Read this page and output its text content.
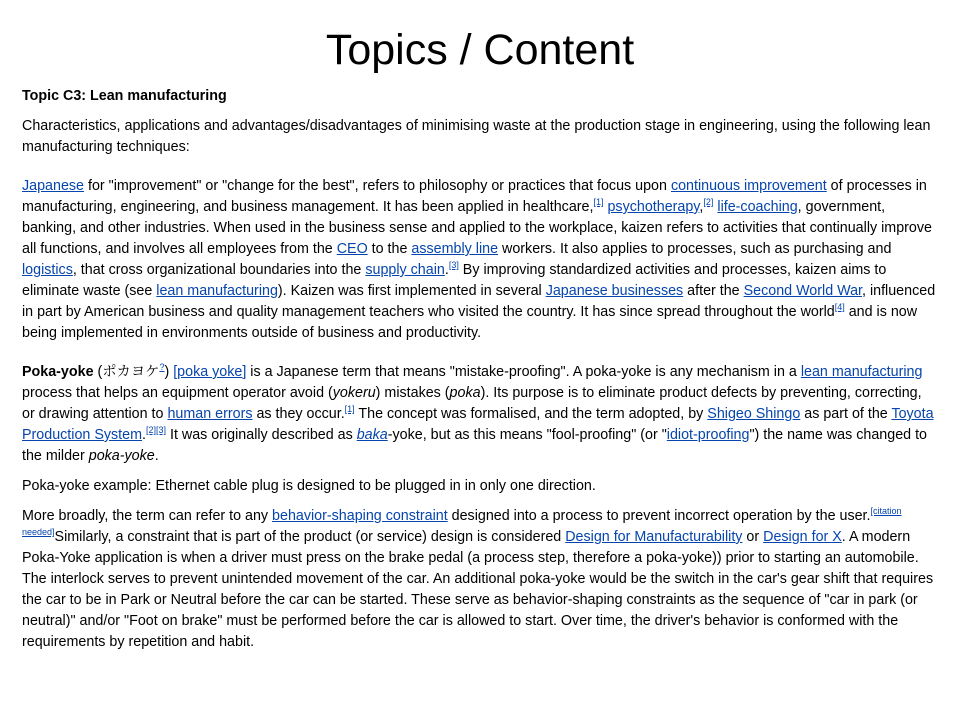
Topics / Content

Topic C3: Lean manufacturing

Characteristics, applications and advantages/disadvantages of minimising waste at the production stage in engineering, using the following lean manufacturing techniques:

Japanese for "improvement" or "change for the best", refers to philosophy or practices that focus upon continuous improvement of processes in manufacturing, engineering, and business management. It has been applied in healthcare,[1] psychotherapy,[2] life-coaching, government, banking, and other industries. When used in the business sense and applied to the workplace, kaizen refers to activities that continually improve all functions, and involves all employees from the CEO to the assembly line workers. It also applies to processes, such as purchasing and logistics, that cross organizational boundaries into the supply chain.[3] By improving standardized activities and processes, kaizen aims to eliminate waste (see lean manufacturing). Kaizen was first implemented in several Japanese businesses after the Second World War, influenced in part by American business and quality management teachers who visited the country. It has since spread throughout the world[4] and is now being implemented in environments outside of business and productivity.

Poka-yoke (ポカヨケ?) [poka yoke] is a Japanese term that means "mistake-proofing". A poka-yoke is any mechanism in a lean manufacturing process that helps an equipment operator avoid (yokeru) mistakes (poka). Its purpose is to eliminate product defects by preventing, correcting, or drawing attention to human errors as they occur.[1] The concept was formalised, and the term adopted, by Shigeo Shingo as part of the Toyota Production System.[2][3] It was originally described as baka-yoke, but as this means "fool-proofing" (or "idiot-proofing") the name was changed to the milder poka-yoke.

Poka-yoke example: Ethernet cable plug is designed to be plugged in in only one direction.

More broadly, the term can refer to any behavior-shaping constraint designed into a process to prevent incorrect operation by the user.[citation needed]Similarly, a constraint that is part of the product (or service) design is considered Design for Manufacturability or Design for X. A modern Poka-Yoke application is when a driver must press on the brake pedal (a process step, therefore a poka-yoke)) prior to starting an automobile. The interlock serves to prevent unintended movement of the car. An additional poka-yoke would be the switch in the car's gear shift that requires the car to be in Park or Neutral before the car can be started. These serve as behavior-shaping constraints as the sequence of "car in park (or neutral)" and/or "Foot on brake" must be performed before the car is allowed to start. Over time, the driver's behavior is conformed with the requirements by repetition and habit.
